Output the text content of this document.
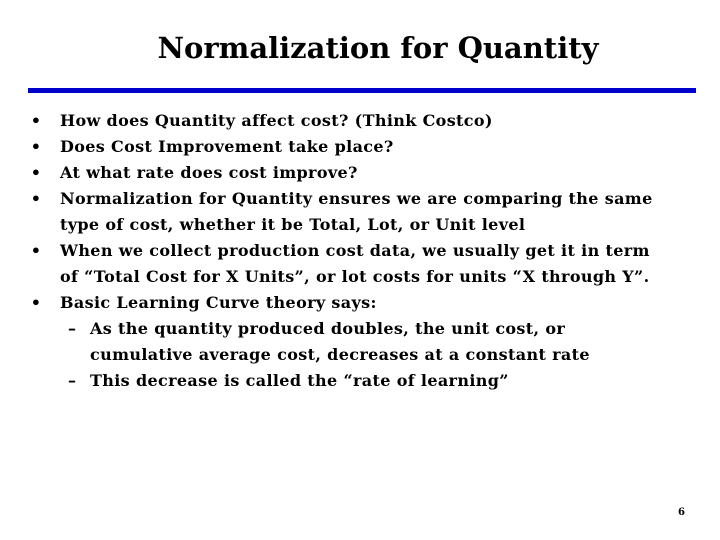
Normalization for Quantity
• How does Quantity affect cost? (Think Costco)
• Does Cost Improvement take place?
• At what rate does cost improve?
• Normalization for Quantity ensures we are comparing the same
type of cost, whether it be Total, Lot, or Unit level
• When we collect production cost data, we usually get it in term
of “Total Cost for X Units”, or lot costs for units “X through Y”.
• Basic Learning Curve theory says:
– As the quantity produced doubles, the unit cost, or
cumulative average cost, decreases at a constant rate
– This decrease is called the “rate of learning”
6
